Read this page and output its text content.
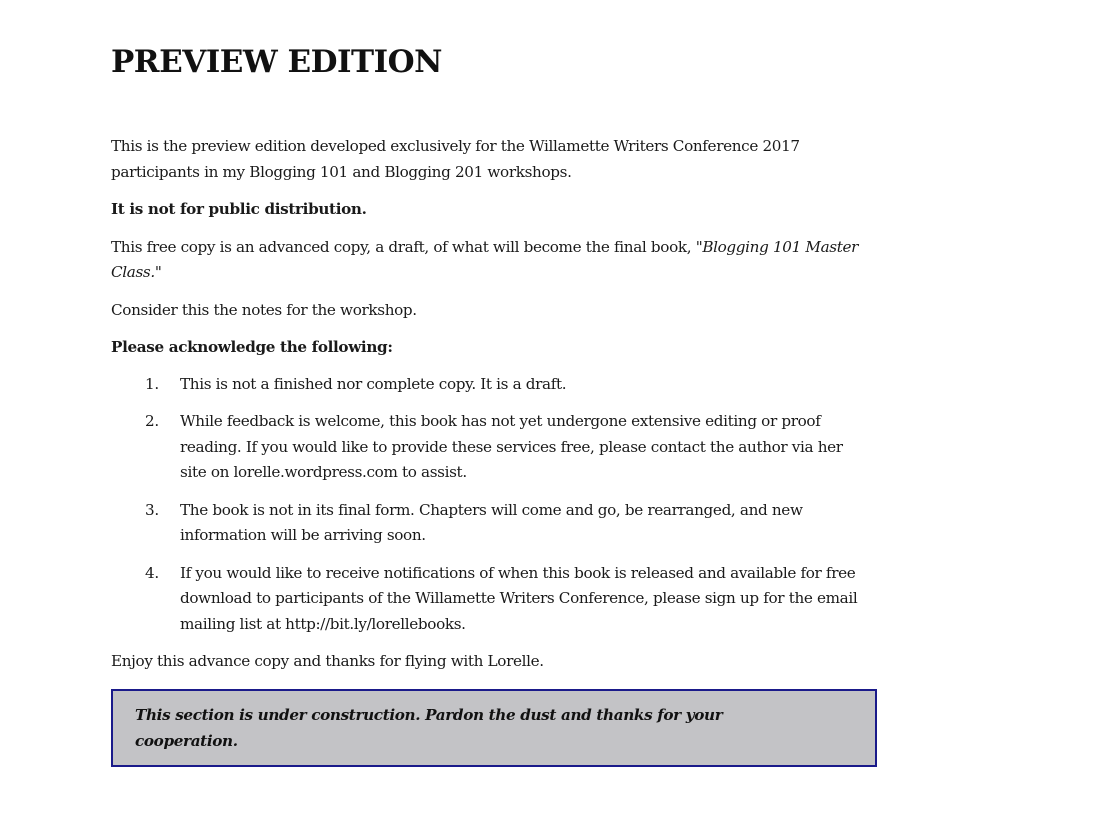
PREVIEW EDITION

This is the preview edition developed exclusively for the Willamette Writers Conference 2017 participants in my Blogging 101 and Blogging 201 workshops.

It is not for public distribution.

This free copy is an advanced copy, a draft, of what will become the final book, "Blogging 101 Master Class."

Consider this the notes for the workshop.

Please acknowledge the following:

1.	This is not a finished nor complete copy. It is a draft.
2.	While feedback is welcome, this book has not yet undergone extensive editing or proof reading. If you would like to provide these services free, please contact the author via her site on lorelle.wordpress.com to assist.
3.	The book is not in its final form. Chapters will come and go, be rearranged, and new information will be arriving soon.
4.	If you would like to receive notifications of when this book is released and available for free download to participants of the Willamette Writers Conference, please sign up for the email mailing list at http://bit.ly/lorellebooks.

Enjoy this advance copy and thanks for flying with Lorelle.

This section is under construction. Pardon the dust and thanks for your cooperation.
